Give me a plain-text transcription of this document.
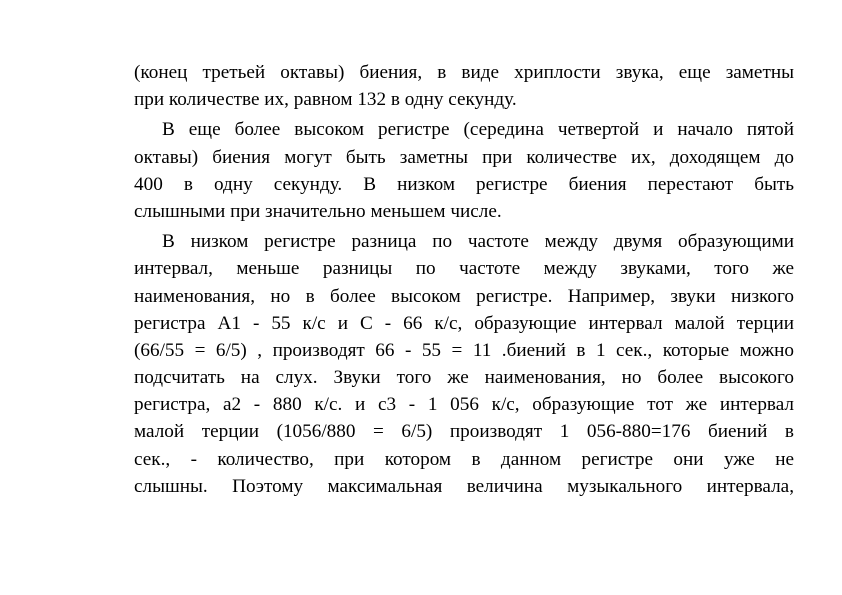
(конец третьей октавы) биения, в виде хриплости звука, еще заметны
при количестве их, равном 132 в одну секунду.
В еще более высоком регистре (середина четвертой и начало пятой
октавы) биения могут быть заметны при количестве их, доходящем до
400 в одну секунду. В низком регистре биения перестают быть
слышными при значительно меньшем числе.
В низком регистре разница по частоте между двумя образующими
интервал, меньше разницы по частоте между звуками, того же
наименования, но в более высоком регистре. Например, звуки низкого
регистра А1 - 55 к/с и С - 66 к/с, образующие интервал малой терции
(66/55 = 6/5) , производят 66 - 55 = 11 .биений в 1 сек., которые можно
подсчитать на слух. Звуки того же наименования, но более высокого
регистра, а2 - 880 к/с. и с3 - 1 056 к/с, образующие тот же интервал
малой терции (1056/880 = 6/5) производят 1 056-880=176 биений в
сек., - количество, при котором в данном регистре они уже не
слышны. Поэтому максимальная величина музыкального интервала,
